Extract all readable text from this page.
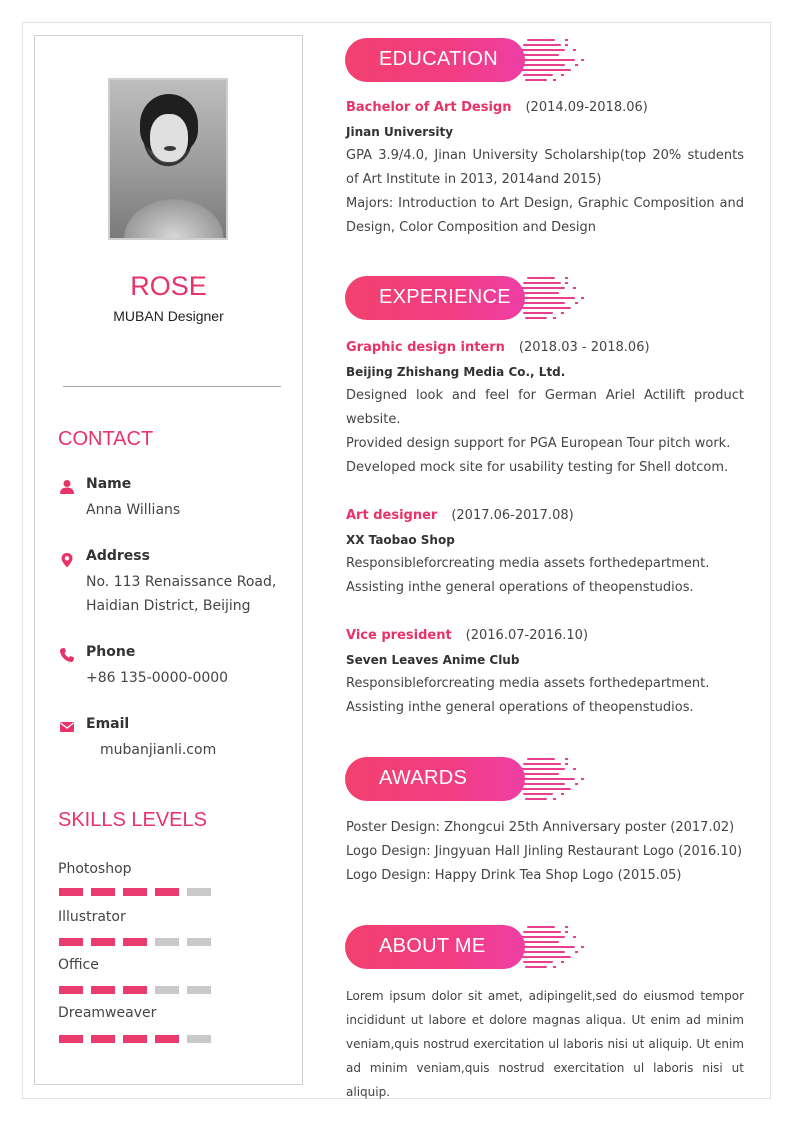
ROSE
MUBAN Designer
CONTACT
Name
Anna Willians
Address
No. 113 Renaissance Road,
Haidian District, Beijing
Phone
+86 135-0000-0000
Email
mubanjianli.com
SKILLS LEVELS
Photoshop
Illustrator
Office
Dreamweaver
EDUCATION
Bachelor of Art Design (2014.09-2018.06)
Jinan University
GPA 3.9/4.0, Jinan University Scholarship(top 20% students of Art Institute in 2013, 2014and 2015)
Majors: Introduction to Art Design, Graphic Composition and Design, Color Composition and Design
EXPERIENCE
Graphic design intern (2018.03 - 2018.06)
Beijing Zhishang Media Co., Ltd.
Designed look and feel for German Ariel Actilift product website.
Provided design support for PGA European Tour pitch work.
Developed mock site for usability testing for Shell dotcom.
Art designer (2017.06-2017.08)
XX Taobao Shop
Responsibleforcreating media assets forthedepartment.
Assisting inthe general operations of theopenstudios.
Vice president (2016.07-2016.10)
Seven Leaves Anime Club
Responsibleforcreating media assets forthedepartment.
Assisting inthe general operations of theopenstudios.
AWARDS
Poster Design: Zhongcui 25th Anniversary poster (2017.02)
Logo Design: Jingyuan Hall Jinling Restaurant Logo (2016.10)
Logo Design: Happy Drink Tea Shop Logo (2015.05)
ABOUT ME
Lorem ipsum dolor sit amet, adipingelit,sed do eiusmod tempor incididunt ut labore et dolore magnas aliqua. Ut enim ad minim veniam,quis nostrud exercitation ul laboris nisi ut aliquip. Ut enim ad minim veniam,quis nostrud exercitation ul laboris nisi ut aliquip.
